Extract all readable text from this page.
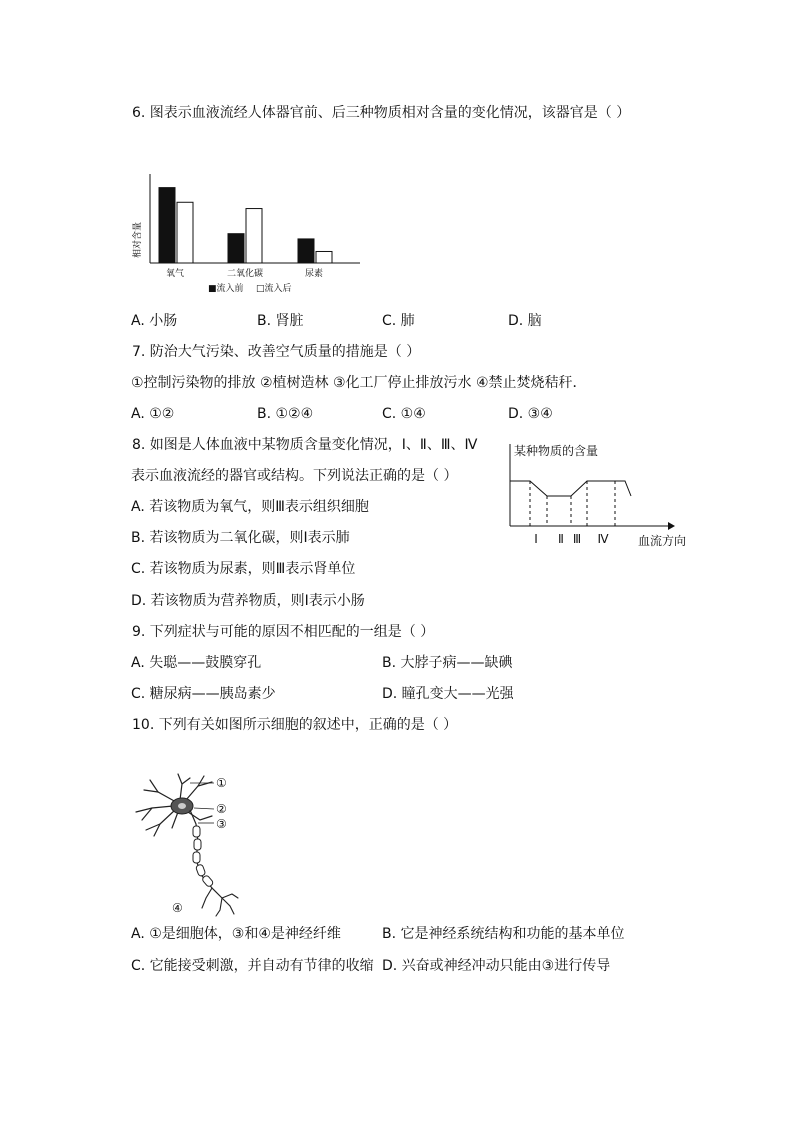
6. 图表示血液流经人体器官前、后三种物质相对含量的变化情况，该器官是（ ）
相对含量
氧气	二氧化碳	尿素
■流入前 □流入后
A. 小肠	B. 肾脏	C. 肺	D. 脑
7. 防治大气污染、改善空气质量的措施是（ ）
①控制污染物的排放 ②植树造林 ③化工厂停止排放污水 ④禁止焚烧秸秆．
A. ①②	B. ①②④	C. ①④	D. ③④
8. 如图是人体血液中某物质含量变化情况，Ⅰ、Ⅱ、Ⅲ、Ⅳ
表示血液流经的器官或结构。下列说法正确的是（ ）
某种物质的含量
Ⅰ Ⅱ Ⅲ Ⅳ 血流方向
A. 若该物质为氧气，则Ⅲ表示组织细胞
B. 若该物质为二氧化碳，则Ⅰ表示肺
C. 若该物质为尿素，则Ⅲ表示肾单位
D. 若该物质为营养物质，则Ⅰ表示小肠
9. 下列症状与可能的原因不相匹配的一组是（ ）
A. 失聪——鼓膜穿孔	B. 大脖子病——缺碘
C. 糖尿病——胰岛素少	D. 瞳孔变大——光强
10. 下列有关如图所示细胞的叙述中，正确的是（ ）
①
②
③
④
A. ①是细胞体，③和④是神经纤维	B. 它是神经系统结构和功能的基本单位
C. 它能接受刺激，并自动有节律的收缩 D. 兴奋或神经冲动只能由③进行传导
